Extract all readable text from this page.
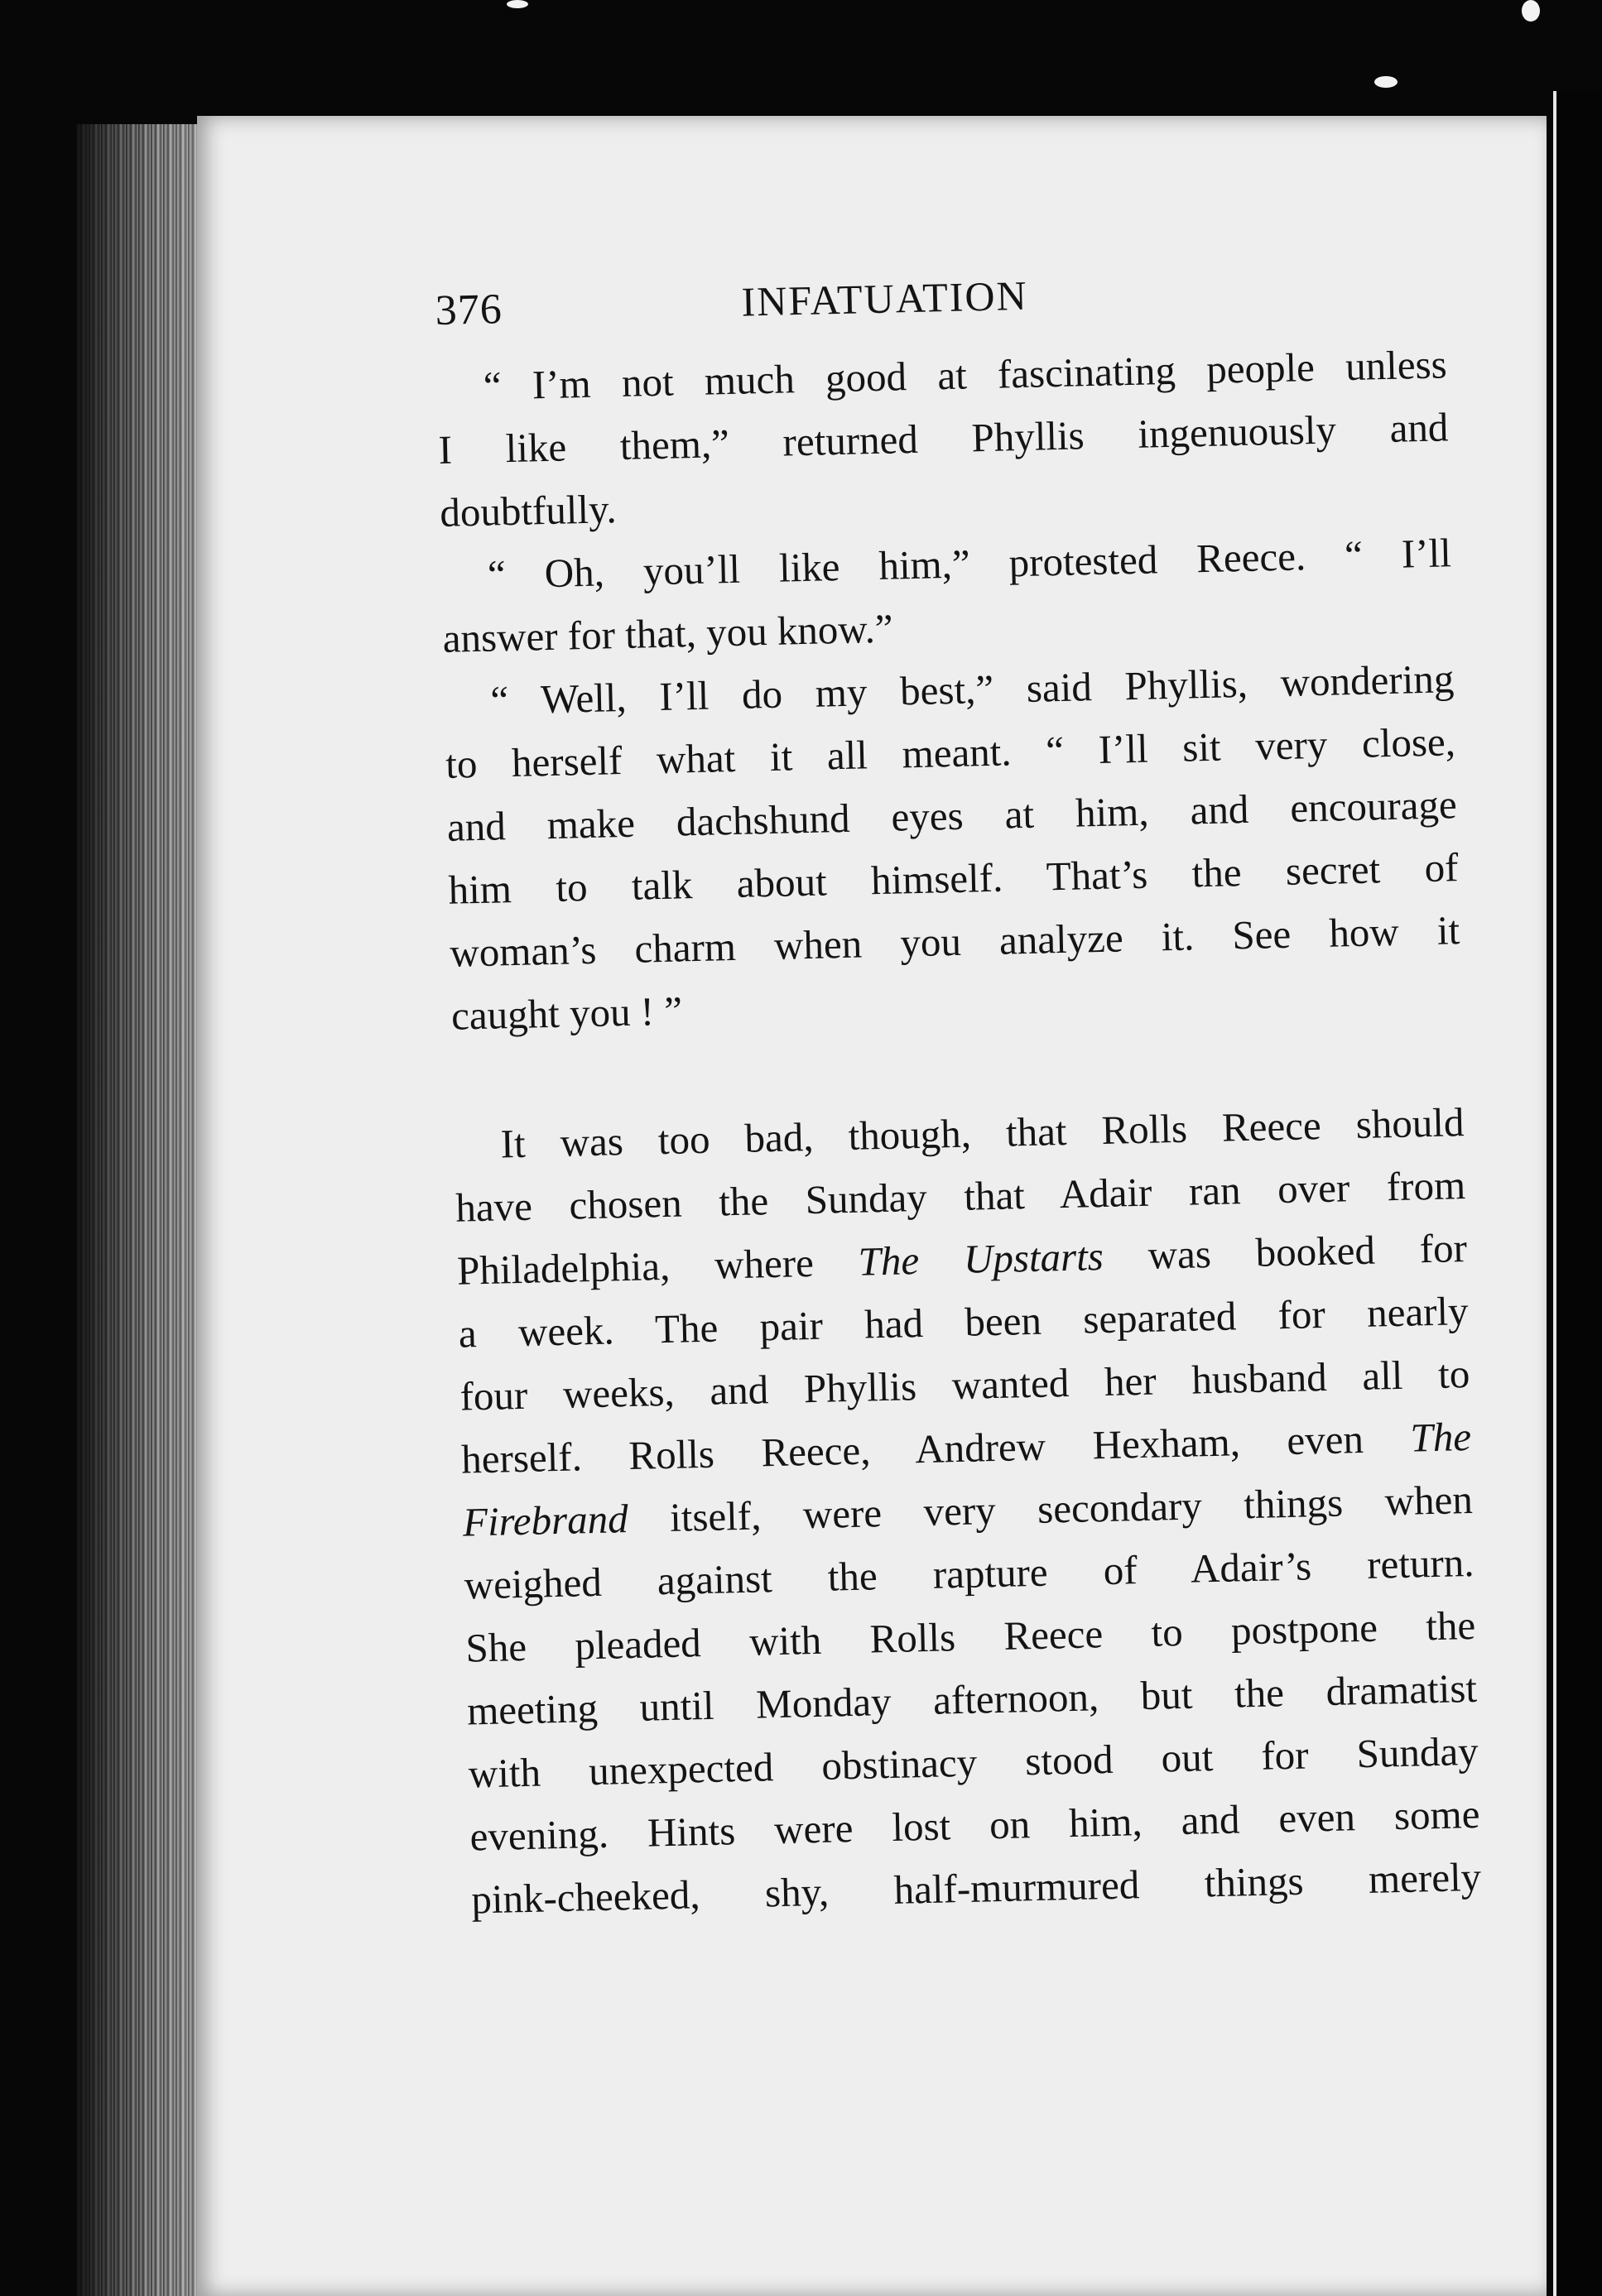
376	INFATUATION

“ I’m not much good at fascinating people unless
I like them,” returned Phyllis ingenuously and
doubtfully.

“ Oh, you’ll like him,” protested Reece. “ I’ll
answer for that, you know.”

“ Well, I’ll do my best,” said Phyllis, wondering
to herself what it all meant. “ I’ll sit very close,
and make dachshund eyes at him, and encourage
him to talk about himself. That’s the secret of
woman’s charm when you analyze it. See how it
caught you ! ”

It was too bad, though, that Rolls Reece should
have chosen the Sunday that Adair ran over from
Philadelphia, where The Upstarts was booked for
a week. The pair had been separated for nearly
four weeks, and Phyllis wanted her husband all to
herself. Rolls Reece, Andrew Hexham, even The
Firebrand itself, were very secondary things when
weighed against the rapture of Adair’s return.
She pleaded with Rolls Reece to postpone the
meeting until Monday afternoon, but the dramatist
with unexpected obstinacy stood out for Sunday
evening. Hints were lost on him, and even some
pink-cheeked, shy, half-murmured things merely
